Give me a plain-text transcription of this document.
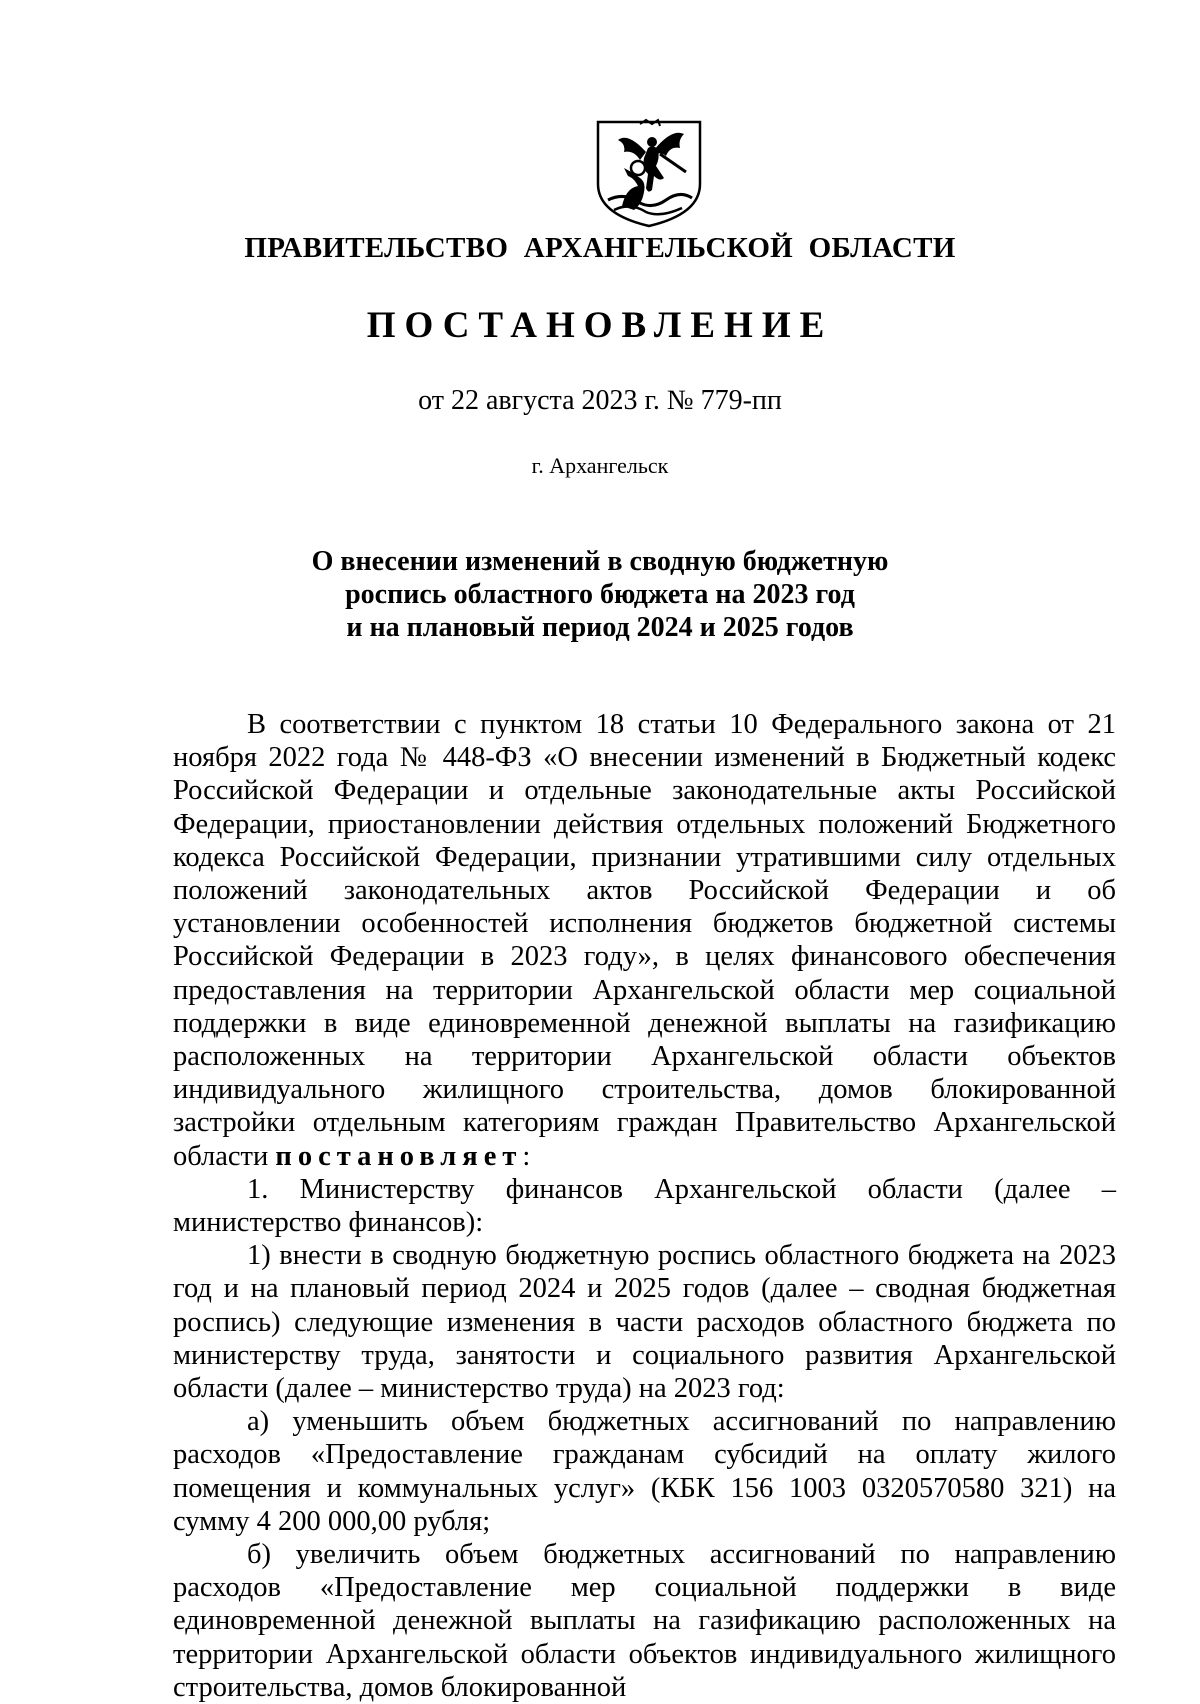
ПРАВИТЕЛЬСТВО АРХАНГЕЛЬСКОЙ ОБЛАСТИ

ПОСТАНОВЛЕНИЕ

от 22 августа 2023 г. № 779-пп

г. Архангельск

О внесении изменений в сводную бюджетную
роспись областного бюджета на 2023 год
и на плановый период 2024 и 2025 годов

В соответствии с пунктом 18 статьи 10 Федерального закона от 21 ноября 2022 года № 448-ФЗ «О внесении изменений в Бюджетный кодекс Российской Федерации и отдельные законодательные акты Российской Федерации, приостановлении действия отдельных положений Бюджетного кодекса Российской Федерации, признании утратившими силу отдельных положений законодательных актов Российской Федерации и об установлении особенностей исполнения бюджетов бюджетной системы Российской Федерации в 2023 году», в целях финансового обеспечения предоставления на территории Архангельской области мер социальной поддержки в виде единовременной денежной выплаты на газификацию расположенных на территории Архангельской области объектов индивидуального жилищного строительства, домов блокированной застройки отдельным категориям граждан Правительство Архангельской области постановляет:

1. Министерству финансов Архангельской области (далее – министерство финансов):

1) внести в сводную бюджетную роспись областного бюджета на 2023 год и на плановый период 2024 и 2025 годов (далее – сводная бюджетная роспись) следующие изменения в части расходов областного бюджета по министерству труда, занятости и социального развития Архангельской области (далее – министерство труда) на 2023 год:

а) уменьшить объем бюджетных ассигнований по направлению расходов «Предоставление гражданам субсидий на оплату жилого помещения и коммунальных услуг» (КБК 156 1003 0320570580 321) на сумму 4 200 000,00 рубля;

б) увеличить объем бюджетных ассигнований по направлению расходов «Предоставление мер социальной поддержки в виде единовременной денежной выплаты на газификацию расположенных на территории Архангельской области объектов индивидуального жилищного строительства, домов блокированной
